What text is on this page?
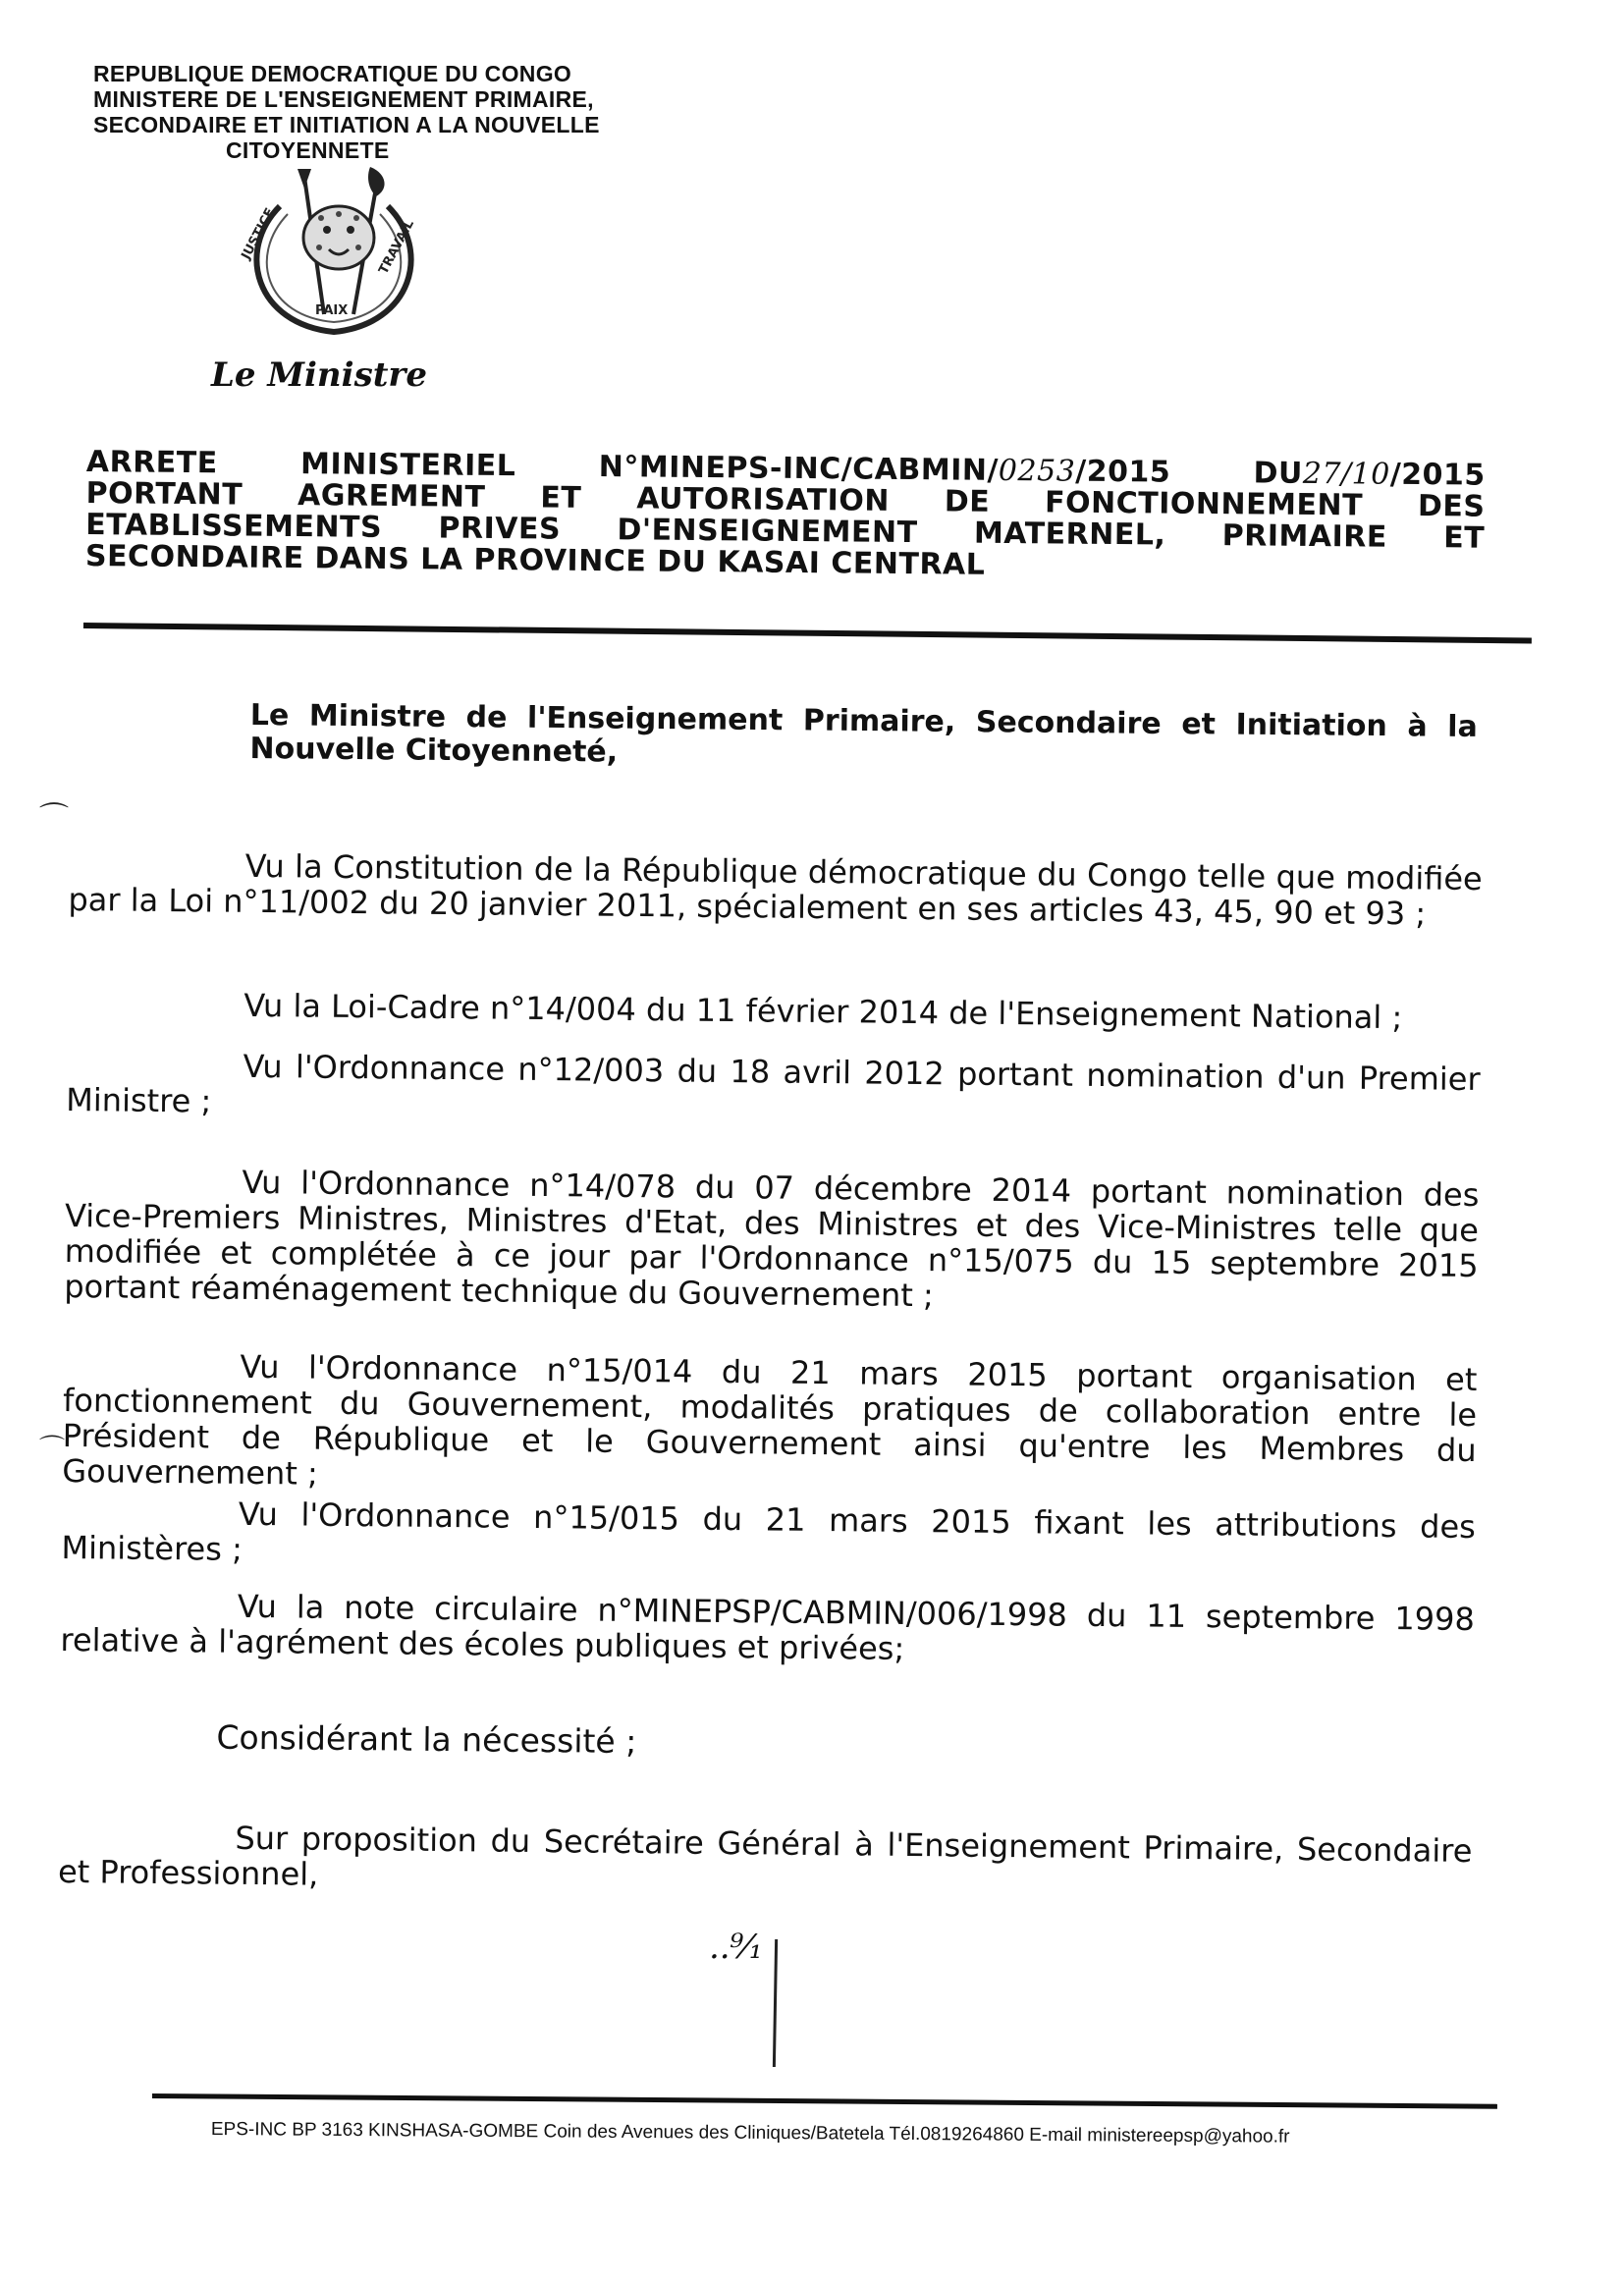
REPUBLIQUE DEMOCRATIQUE DU CONGO
MINISTERE DE L'ENSEIGNEMENT PRIMAIRE,
SECONDAIRE ET INITIATION A LA NOUVELLE
CITOYENNETE
JUSTICE
PAIX
TRAVAIL
Le Ministre
ARRETE	MINISTERIEL	N°MINEPS-INC/CABMIN/0253/2015	DU27/10/2015
PORTANT AGREMENT ET AUTORISATION DE FONCTIONNEMENT DES
ETABLISSEMENTS PRIVES D'ENSEIGNEMENT MATERNEL, PRIMAIRE ET
SECONDAIRE DANS LA PROVINCE DU KASAI CENTRAL
Le Ministre de l'Enseignement Primaire, Secondaire et Initiation à la Nouvelle Citoyenneté,
⌒
⌒
Vu la Constitution de la République démocratique du Congo telle que modifiée par la Loi n°11/002 du 20 janvier 2011, spécialement en ses articles 43, 45, 90 et 93 ;
Vu la Loi-Cadre n°14/004 du 11 février 2014 de l'Enseignement National ;
Vu l'Ordonnance n°12/003 du 18 avril 2012 portant nomination d'un Premier Ministre ;
Vu l'Ordonnance n°14/078 du 07 décembre 2014 portant nomination des Vice-Premiers Ministres, Ministres d'Etat, des Ministres et des Vice-Ministres telle que modifiée et complétée à ce jour par l'Ordonnance n°15/075 du 15 septembre 2015 portant réaménagement technique du Gouvernement ;
Vu l'Ordonnance n°15/014 du 21 mars 2015 portant organisation et fonctionnement du Gouvernement, modalités pratiques de collaboration entre le Président de République et le Gouvernement ainsi qu'entre les Membres du Gouvernement ;
Vu l'Ordonnance n°15/015 du 21 mars 2015 fixant les attributions des Ministères ;
Vu la note circulaire n°MINEPSP/CABMIN/006/1998 du 11 septembre 1998 relative à l'agrément des écoles publiques et privées;
Considérant la nécessité ;
Sur proposition du Secrétaire Général à l'Enseignement Primaire, Secondaire et Professionnel,
..⁹⁄₁
EPS-INC BP 3163 KINSHASA-GOMBE Coin des Avenues des Cliniques/Batetela Tél.0819264860 E-mail ministereepsp@yahoo.fr
